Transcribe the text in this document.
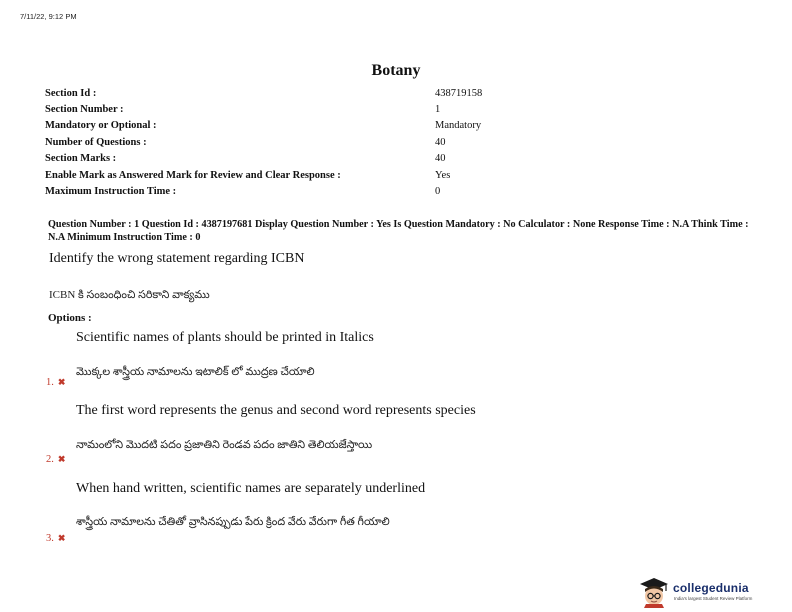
7/11/22, 9:12 PM
Botany
Section Id :	438719158
Section Number :	1
Mandatory or Optional :	Mandatory
Number of Questions :	40
Section Marks :	40
Enable Mark as Answered Mark for Review and Clear Response :	Yes
Maximum Instruction Time :	0
Question Number : 1 Question Id : 4387197681 Display Question Number : Yes Is Question Mandatory : No Calculator : None Response Time : N.A Think Time : N.A Minimum Instruction Time : 0
Identify the wrong statement regarding ICBN
ICBN కి సంబంధించి సరికాని వాక్యము
Options :
Scientific names of plants should be printed in Italics
1. ✖
మొక్కల శాస్త్రీయ నామాలను ఇటాలిక్ లో ముద్రణ చేయాలి
The first word represents the genus and second word represents species
2. ✖
నామంలోని మొదటి పదం ప్రజాతిని రెండవ పదం జాతిని తెలియజేస్తాయి
When hand written, scientific names are separately underlined
3. ✖
శాస్త్రీయ నామాలను చేతితో వ్రాసినప్పుడు పేరు క్రింద వేరు వేరుగా గీత గీయాలి
collegedunia
India's largest Student Review Platform
